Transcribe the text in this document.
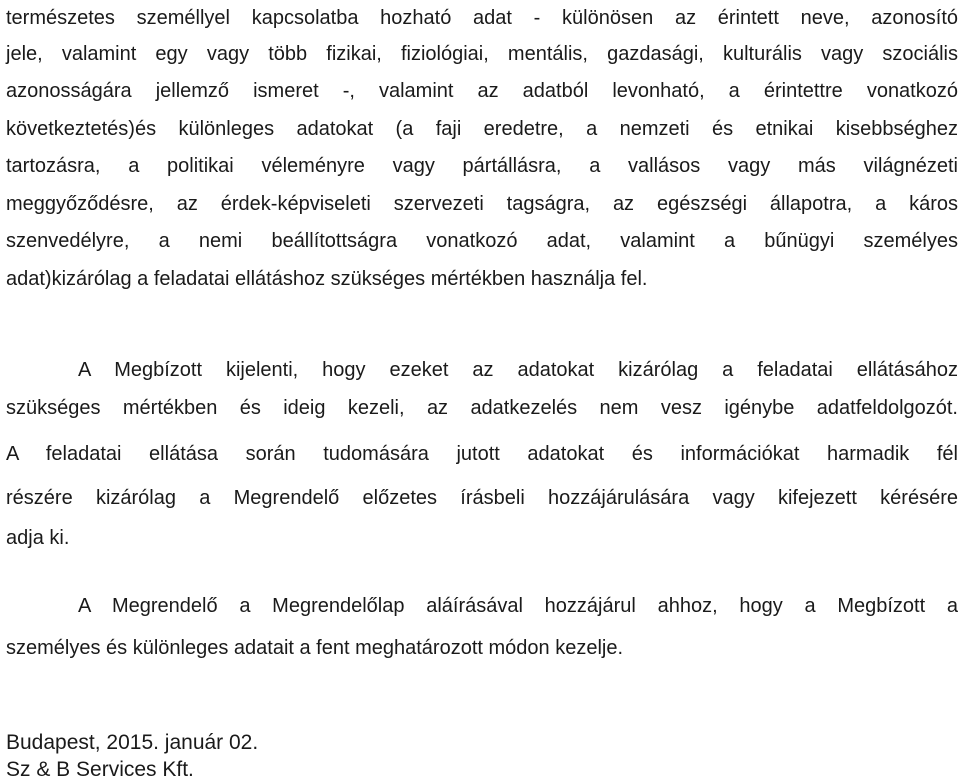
természetes személlyel kapcsolatba hozható adat - különösen az érintett neve, azonosító
jele, valamint egy vagy több fizikai, fiziológiai, mentális, gazdasági, kulturális vagy szociális
azonosságára jellemző ismeret -, valamint az adatból levonható, a érintettre vonatkozó
következtetés)és különleges adatokat (a faji eredetre, a nemzeti és etnikai kisebbséghez
tartozásra, a politikai véleményre vagy pártállásra, a vallásos vagy más világnézeti
meggyőződésre, az érdek-képviseleti szervezeti tagságra, az egészségi állapotra, a káros
szenvedélyre, a nemi beállítottságra vonatkozó adat, valamint a bűnügyi személyes
adat)kizárólag a feladatai ellátáshoz szükséges mértékben használja fel.
A Megbízott kijelenti, hogy ezeket az adatokat kizárólag a feladatai ellátásához
szükséges mértékben és ideig kezeli, az adatkezelés nem vesz igénybe adatfeldolgozót.
A feladatai ellátása során tudomására jutott adatokat és információkat harmadik fél
részére kizárólag a Megrendelő előzetes írásbeli hozzájárulására vagy kifejezett kérésére
adja ki.
A Megrendelő a Megrendelőlap aláírásával hozzájárul ahhoz, hogy a Megbízott a
személyes és különleges adatait a fent meghatározott módon kezelje.
Budapest, 2015. január 02.
Sz & B Services Kft.
